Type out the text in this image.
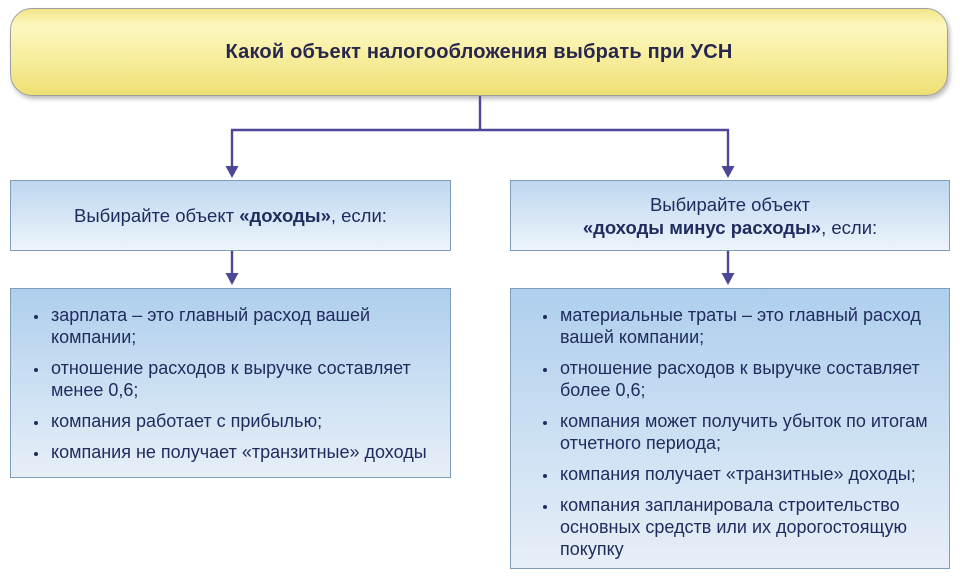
Какой объект налогообложения выбрать при УСН
Выбирайте объект «доходы», если:
Выбирайте объект
«доходы минус расходы», если:
• зарплата – это главный расход вашей компании;
• отношение расходов к выручке составляет менее 0,6;
• компания работает с прибылью;
• компания не получает «транзитные» доходы
• материальные траты – это главный расход вашей компании;
• отношение расходов к выручке составляет более 0,6;
• компания может получить убыток по итогам отчетного периода;
• компания получает «транзитные» доходы;
• компания запланировала строительство основных средств или их дорогостоящую покупку
